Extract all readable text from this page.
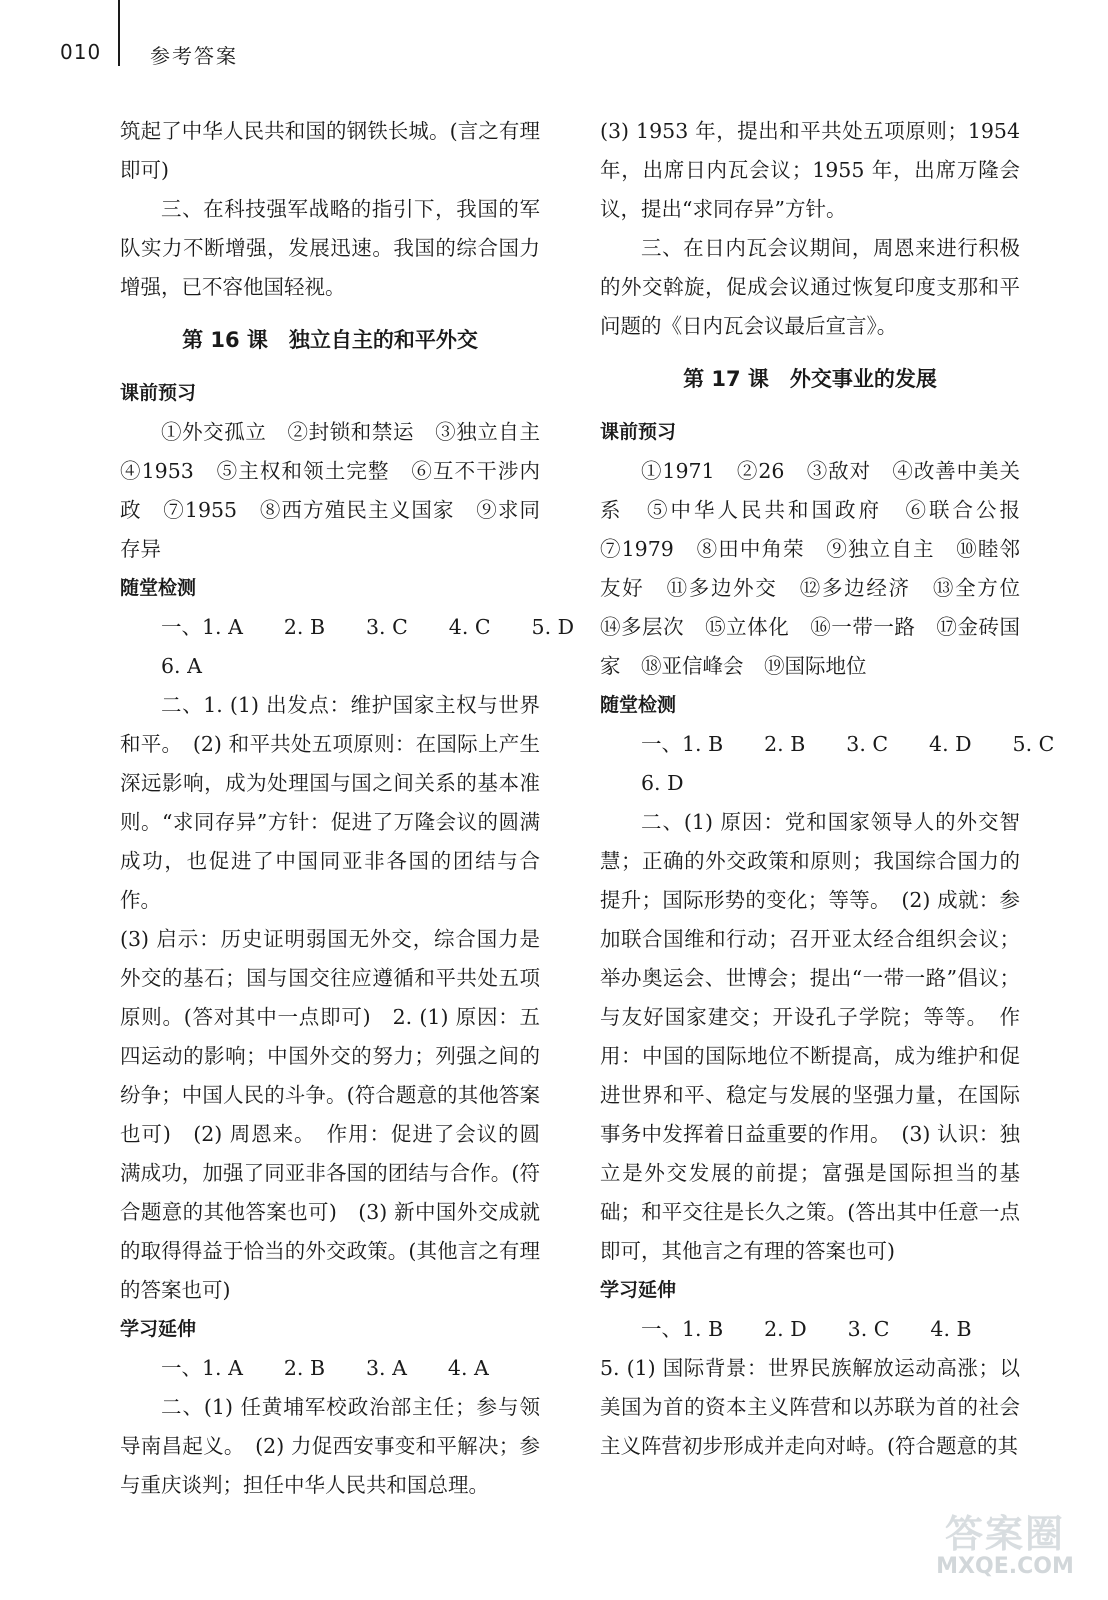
010 参考答案

筑起了中华人民共和国的钢铁长城。(言之有理即可)

三、在科技强军战略的指引下，我国的军队实力不断增强，发展迅速。我国的综合国力增强，已不容他国轻视。

第 16 课　独立自主的和平外交
课前预习

①外交孤立　②封锁和禁运　③独立自主　④1953　⑤主权和领土完整　⑥互不干涉内政　⑦1955　⑧西方殖民主义国家　⑨求同存异

随堂检测

一、1. A　　2. B　　3. C　　4. C　　5. D

6. A

二、1. (1) 出发点：维护国家主权与世界和平。　(2) 和平共处五项原则：在国际上产生深远影响，成为处理国与国之间关系的基本准则。“求同存异”方针：促进了万隆会议的圆满成功，也促进了中国同亚非各国的团结与合作。

(3) 启示：历史证明弱国无外交，综合国力是外交的基石；国与国交往应遵循和平共处五项原则。(答对其中一点即可)　2. (1) 原因：五四运动的影响；中国外交的努力；列强之间的纷争；中国人民的斗争。(符合题意的其他答案也可)　(2) 周恩来。　作用：促进了会议的圆满成功，加强了同亚非各国的团结与合作。(符合题意的其他答案也可)　(3) 新中国外交成就的取得得益于恰当的外交政策。(其他言之有理的答案也可)

学习延伸

一、1. A　　2. B　　3. A　　4. A

二、(1) 任黄埔军校政治部主任；参与领导南昌起义。　(2) 力促西安事变和平解决；参与重庆谈判；担任中华人民共和国总理。

(3) 1953 年，提出和平共处五项原则；1954 年，出席日内瓦会议；1955 年，出席万隆会议，提出“求同存异”方针。

三、在日内瓦会议期间，周恩来进行积极的外交斡旋，促成会议通过恢复印度支那和平问题的《日内瓦会议最后宣言》。

第 17 课　外交事业的发展
课前预习

①1971　②26　③敌对　④改善中美关系　⑤中华人民共和国政府　⑥联合公报　⑦1979　⑧田中角荣　⑨独立自主　⑩睦邻友好　⑪多边外交　⑫多边经济　⑬全方位　⑭多层次　⑮立体化　⑯一带一路　⑰金砖国家　⑱亚信峰会　⑲国际地位

随堂检测

一、1. B　　2. B　　3. C　　4. D　　5. C

6. D

二、(1) 原因：党和国家领导人的外交智慧；正确的外交政策和原则；我国综合国力的提升；国际形势的变化；等等。　(2) 成就：参加联合国维和行动；召开亚太经合组织会议；举办奥运会、世博会；提出“一带一路”倡议；与友好国家建交；开设孔子学院；等等。　作用：中国的国际地位不断提高，成为维护和促进世界和平、稳定与发展的坚强力量，在国际事务中发挥着日益重要的作用。　(3) 认识：独立是外交发展的前提；富强是国际担当的基础；和平交往是长久之策。(答出其中任意一点即可，其他言之有理的答案也可)

学习延伸

一、1. B　　2. D　　3. C　　4. B

5. (1) 国际背景：世界民族解放运动高涨；以美国为首的资本主义阵营和以苏联为首的社会主义阵营初步形成并走向对峙。(符合题意的其

答案圈
MXQE.COM
